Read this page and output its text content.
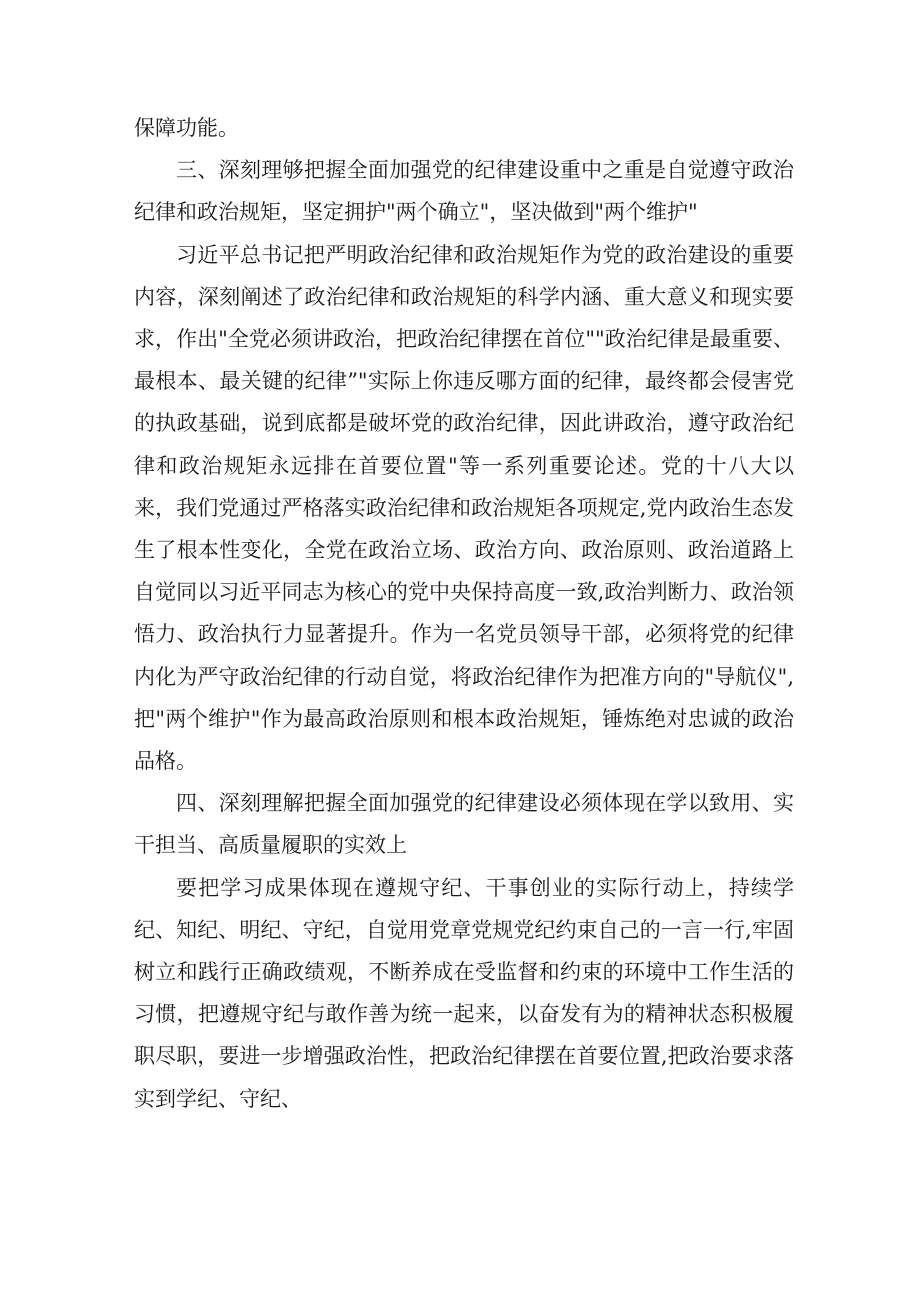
保障功能。

三、深刻理够把握全面加强党的纪律建设重中之重是自觉遵守政治纪律和政治规矩，坚定拥护"两个确立"，坚决做到"两个维护"

习近平总书记把严明政治纪律和政治规矩作为党的政治建设的重要内容，深刻阐述了政治纪律和政治规矩的科学内涵、重大意义和现实要求，作出"全党必须讲政治，把政治纪律摆在首位""政治纪律是最重要、最根本、最关键的纪律”"实际上你违反哪方面的纪律，最终都会侵害党的执政基础，说到底都是破坏党的政治纪律，因此讲政治，遵守政治纪律和政治规矩永远排在首要位置"等一系列重要论述。党的十八大以来，我们党通过严格落实政治纪律和政治规矩各项规定,党内政治生态发生了根本性变化，全党在政治立场、政治方向、政治原则、政治道路上自觉同以习近平同志为核心的党中央保持高度一致,政治判断力、政治领悟力、政治执行力显著提升。作为一名党员领导干部，必须将党的纪律内化为严守政治纪律的行动自觉，将政治纪律作为把准方向的"导航仪",把"两个维护"作为最高政治原则和根本政治规矩，锤炼绝对忠诚的政治品格。

四、深刻理解把握全面加强党的纪律建设必须体现在学以致用、实干担当、高质量履职的实效上

要把学习成果体现在遵规守纪、干事创业的实际行动上，持续学纪、知纪、明纪、守纪，自觉用党章党规党纪约束自己的一言一行,牢固树立和践行正确政绩观，不断养成在受监督和约束的环境中工作生活的习惯，把遵规守纪与敢作善为统一起来，以奋发有为的精神状态积极履职尽职，要进一步增强政治性，把政治纪律摆在首要位置,把政治要求落实到学纪、守纪、
